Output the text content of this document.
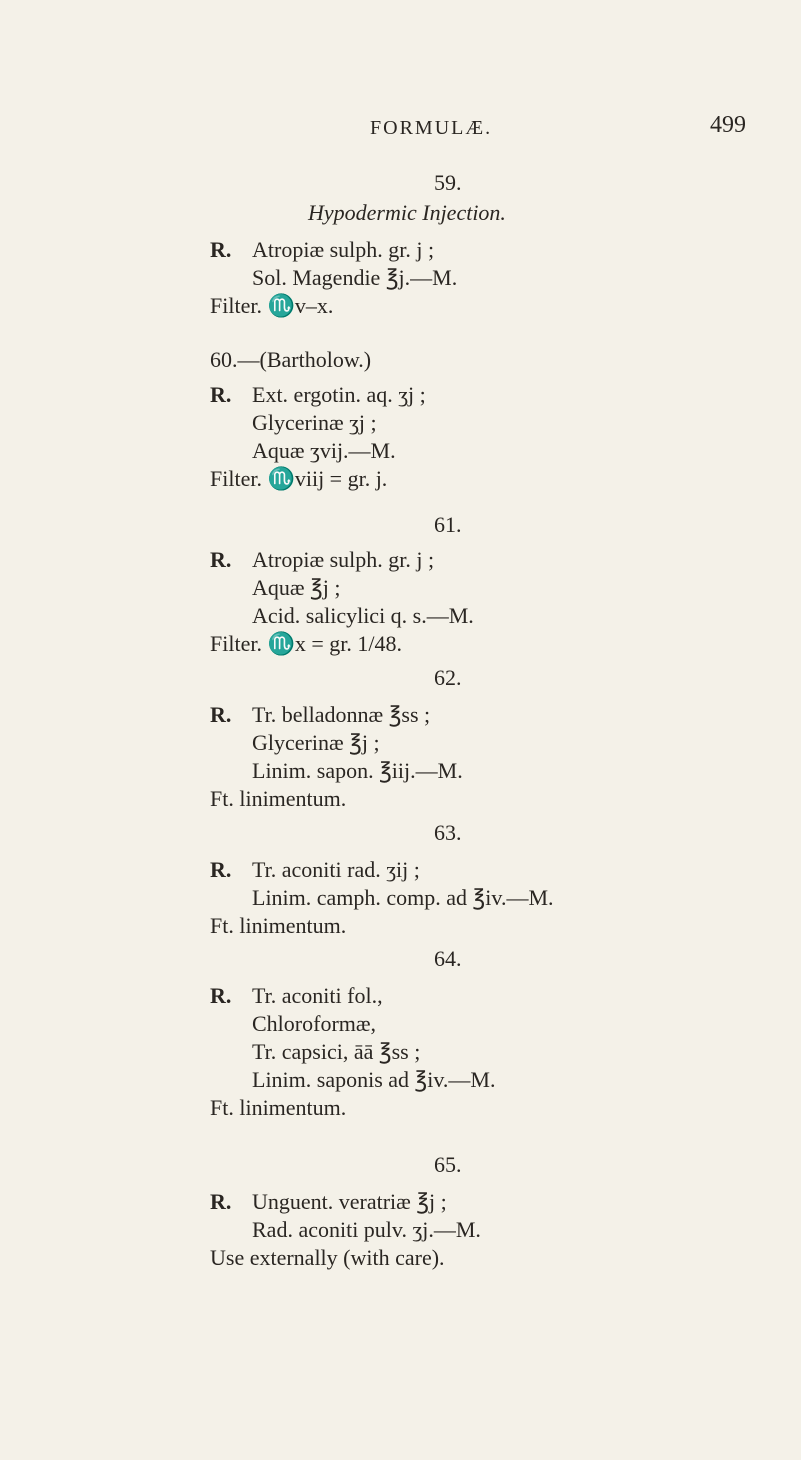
FORMULÆ.	499
59.
Hypodermic Injection.
R. Atropiæ sulph. gr. j ;
Sol. Magendie ℥j.—M.
Filter. ♏v–x.
60.—(Bartholow.)
R. Ext. ergotin. aq. ʒj ;
Glycerinæ ʒj ;
Aquæ ʒvij.—M.
Filter. ♏viij = gr. j.
61.
R. Atropiæ sulph. gr. j ;
Aquæ ℥j ;
Acid. salicylici q. s.—M.
Filter. ♏x = gr. 1/48.
62.
R. Tr. belladonnæ ℥ss ;
Glycerinæ ℥j ;
Linim. sapon. ℥iij.—M.
Ft. linimentum.
63.
R. Tr. aconiti rad. ʒij ;
Linim. camph. comp. ad ℥iv.—M.
Ft. linimentum.
64.
R. Tr. aconiti fol.,
Chloroformæ,
Tr. capsici, āā ℥ss ;
Linim. saponis ad ℥iv.—M.
Ft. linimentum.
65.
R. Unguent. veratriæ ℥j ;
Rad. aconiti pulv. ʒj.—M.
Use externally (with care).
